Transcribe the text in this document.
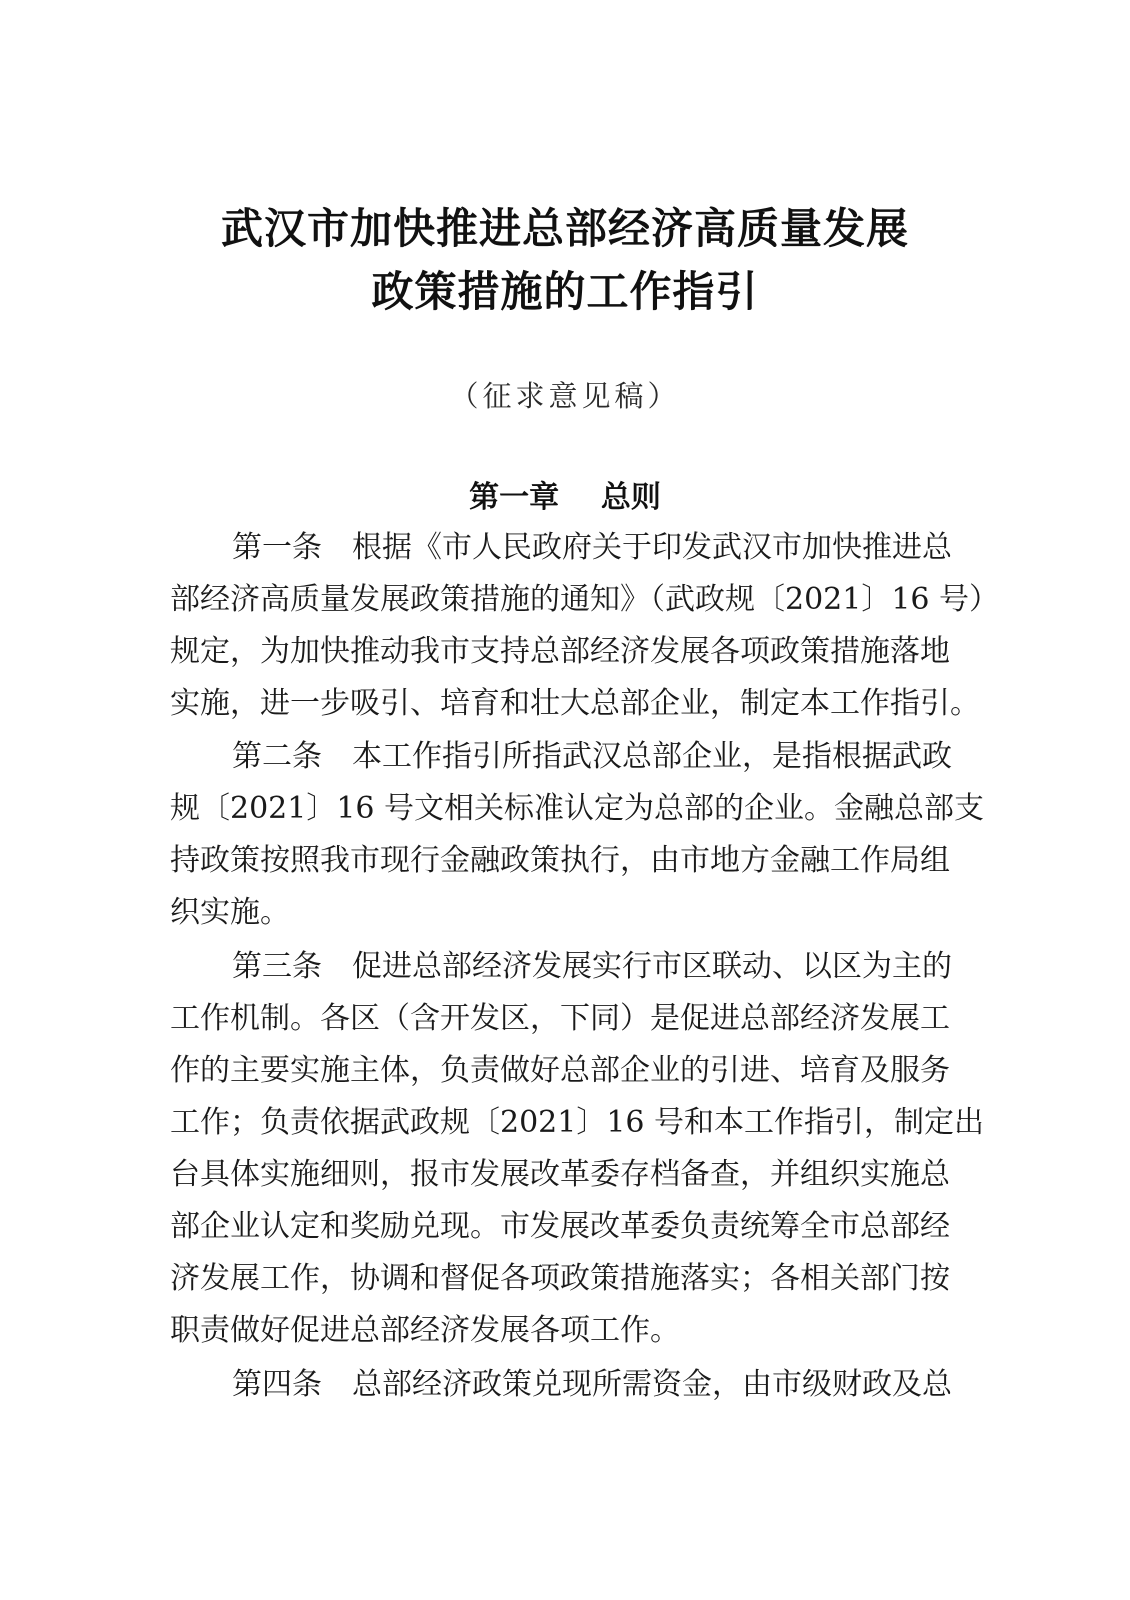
武汉市加快推进总部经济高质量发展
政策措施的工作指引
（征求意见稿）
第一章    总则
第一条 根据《市人民政府关于印发武汉市加快推进总
部经济高质量发展政策措施的通知》（武政规〔2021〕16 号）
规定，为加快推动我市支持总部经济发展各项政策措施落地
实施，进一步吸引、培育和壮大总部企业，制定本工作指引。
第二条 本工作指引所指武汉总部企业，是指根据武政
规〔2021〕16 号文相关标准认定为总部的企业。金融总部支
持政策按照我市现行金融政策执行，由市地方金融工作局组
织实施。
第三条 促进总部经济发展实行市区联动、以区为主的
工作机制。各区（含开发区，下同）是促进总部经济发展工
作的主要实施主体，负责做好总部企业的引进、培育及服务
工作；负责依据武政规〔2021〕16 号和本工作指引，制定出
台具体实施细则，报市发展改革委存档备查，并组织实施总
部企业认定和奖励兑现。市发展改革委负责统筹全市总部经
济发展工作，协调和督促各项政策措施落实；各相关部门按
职责做好促进总部经济发展各项工作。
第四条 总部经济政策兑现所需资金，由市级财政及总
